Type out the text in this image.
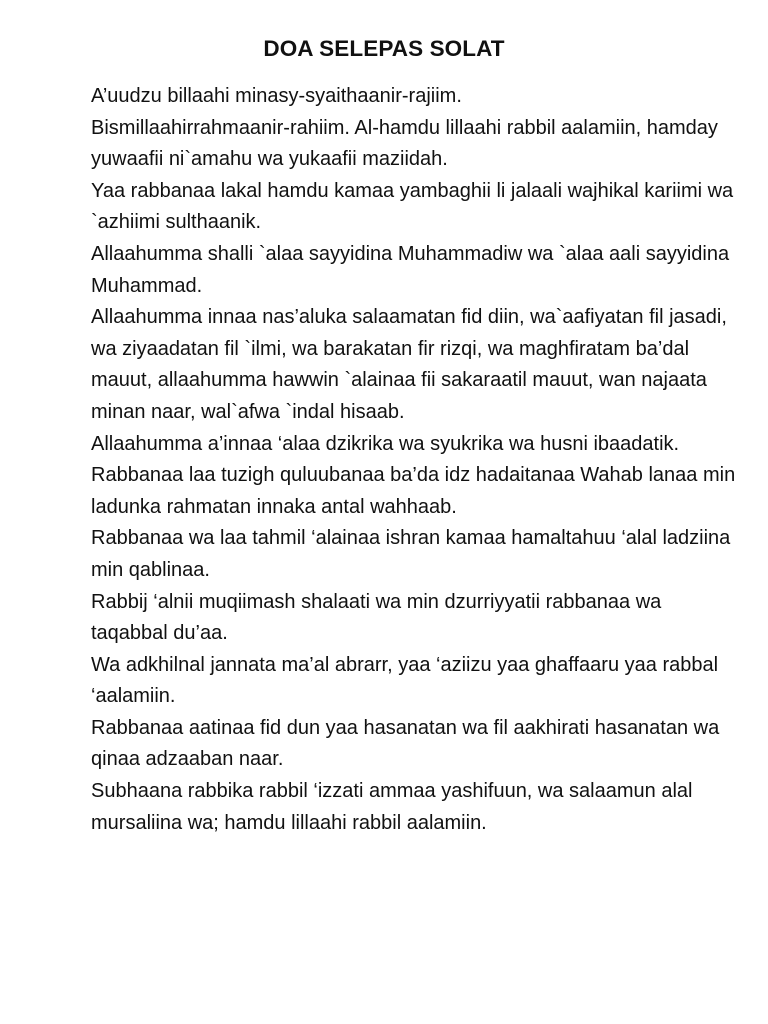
DOA SELEPAS SOLAT

A’uudzu billaahi minasy-syaithaanir-rajiim.

Bismillaahirrahmaanir-rahiim. Al-hamdu lillaahi rabbil aalamiin, hamday yuwaafii ni`amahu wa yukaafii maziidah.

Yaa rabbanaa lakal hamdu kamaa yambaghii li jalaali wajhikal kariimi wa `azhiimi sulthaanik.

Allaahumma shalli `alaa sayyidina Muhammadiw wa `alaa aali sayyidina Muhammad.

Allaahumma innaa nas’aluka salaamatan fid diin, wa`aafiyatan fil jasadi, wa ziyaadatan fil `ilmi, wa barakatan fir rizqi, wa maghfiratam ba’dal mauut, allaahumma hawwin `alainaa fii sakaraatil mauut, wan najaata minan naar, wal`afwa `indal hisaab.

Allaahumma a’innaa ‘alaa dzikrika wa syukrika wa husni ibaadatik.

Rabbanaa laa tuzigh quluubanaa ba’da idz hadaitanaa Wahab lanaa min ladunka rahmatan innaka antal wahhaab.

Rabbanaa wa laa tahmil ‘alainaa ishran kamaa hamaltahuu ‘alal ladziina min qablinaa.

Rabbij ‘alnii muqiimash shalaati wa min dzurriyyatii rabbanaa wa taqabbal du’aa.

Wa adkhilnal jannata ma’al abrarr, yaa ‘aziizu yaa ghaffaaru yaa rabbal ‘aalamiin.

Rabbanaa aatinaa fid dun yaa hasanatan wa fil aakhirati hasanatan wa qinaa adzaaban naar.

Subhaana rabbika rabbil ‘izzati ammaa yashifuun, wa salaamun alal mursaliina wa; hamdu lillaahi rabbil aalamiin.
